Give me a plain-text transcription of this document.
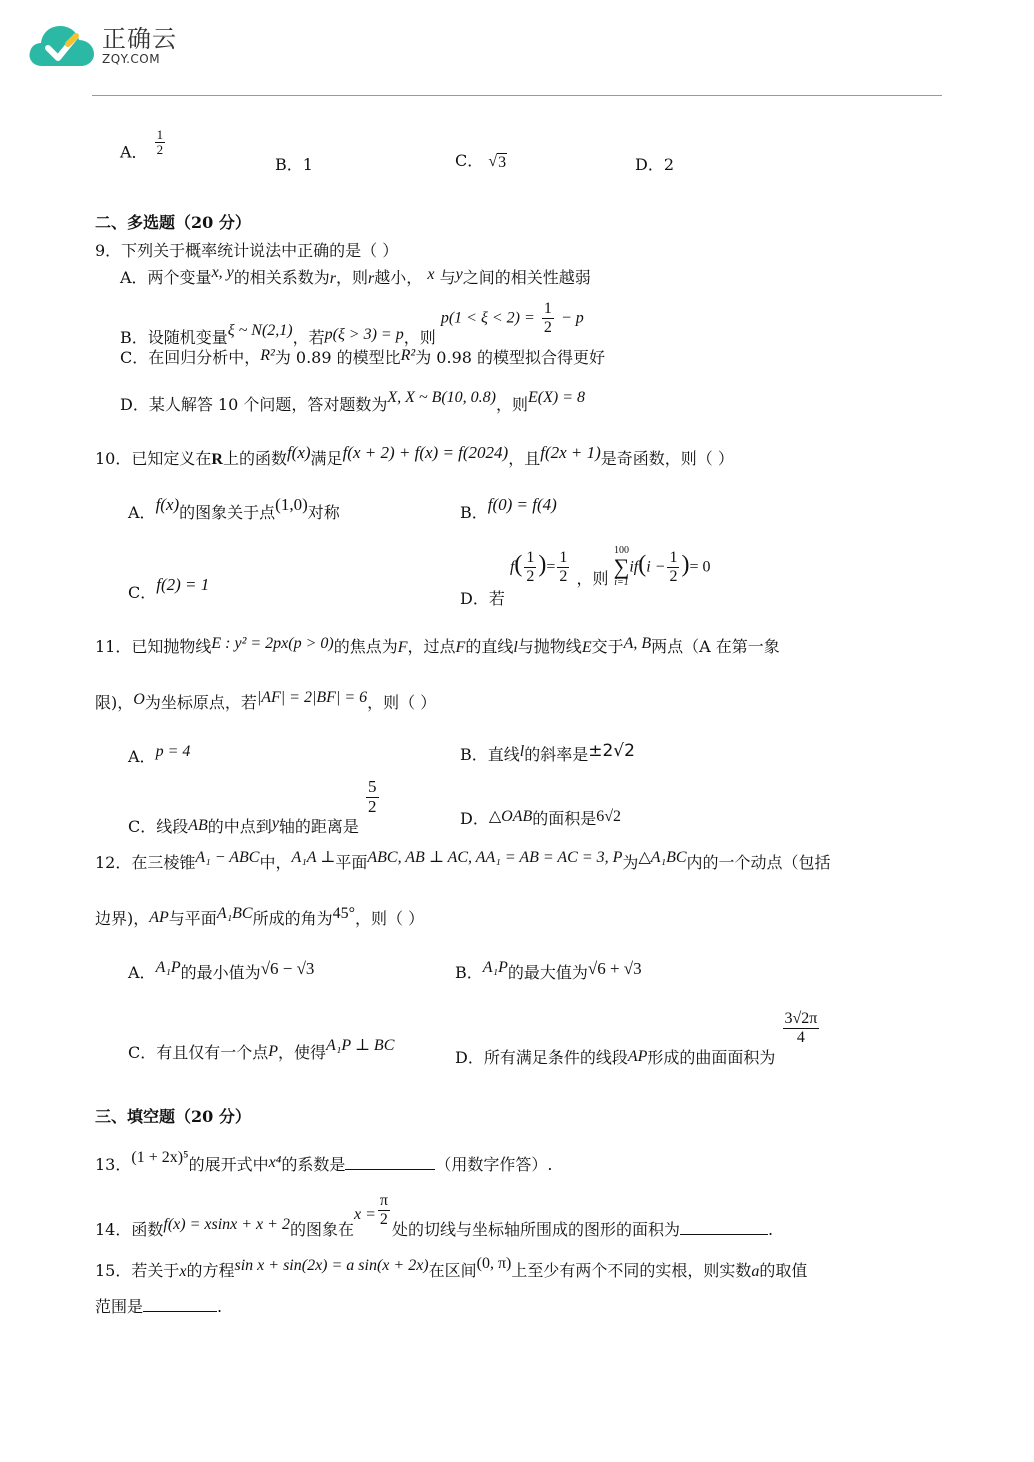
正确云
ZQY.COM
A． $\frac{1}{2}$
B．1	C． √ 3	D．2
二、多选题（20 分）
9．下列关于概率统计说法中正确的是（ ）
A．两个变量x, y的相关系数为r，则r越小， x 与y之间的相关性越弱
B．设随机变量ξ ~ N(2,1)，若p(ξ > 3) = p，则 $p(1 < \xi < 2) = \frac{1}{2} - p$
C．在回归分析中，R²为 0.89 的模型比R²为 0.98 的模型拟合得更好
D．某人解答 10 个问题，答对题数为X, X ~ B(10, 0.8)，则E(X) = 8
10．已知定义在R上的函数f(x)满足f(x + 2) + f(x) = f(2024)，且f(2x + 1)是奇函数，则（ ）
A．f(x)的图象关于点(1,0)对称	B．f(0) = f(4)
C．f(2) = 1
D．若 $f( \frac{1}{2}$ )= $\frac{1}{2}$ ，则
100
∑
i=1
$if(i - \frac{1}{2}$ )= 0
11．已知抛物线E : y² = 2px(p > 0)的焦点为F，过点F的直线l与抛物线E交于A, B两点（A 在第一象
限)，O为坐标原点，若|AF| = 2|BF| = 6，则（ ）
A．p = 4	B．直线l的斜率是±2√2
C．线段AB的中点到y轴的距离是
$\frac{5}{2}$
D．△OAB的面积是6√2
12．在三棱锥A₁ − ABC中，A₁A ⊥平面ABC, AB ⊥ AC, AA₁ = AB = AC = 3, P为△A₁BC内的一个动点（包括
边界)，AP与平面A₁BC所成的角为45°，则（ ）
A．A₁P的最小值为√6 − √3	B．A₁P的最大值为√6 + √3
C．有且仅有一个点P，使得A₁P ⊥ BC
D．所有满足条件的线段AP形成的曲面面积为
$\frac{3√2\pi}{4}$
三、填空题（20 分）
13．(1 + 2x)⁵的展开式中x⁴的系数是	（用数字作答）.
14．函数f(x) = xsinx + x + 2的图象在$x = \frac{\pi}{2}$
处的切线与坐标轴所围成的图形的面积为	.
15．若关于x的方程sin x + sin(2x) = a sin(x + 2x)在区间(0, π)上至少有两个不同的实根，则实数a的取值
范围是	.
